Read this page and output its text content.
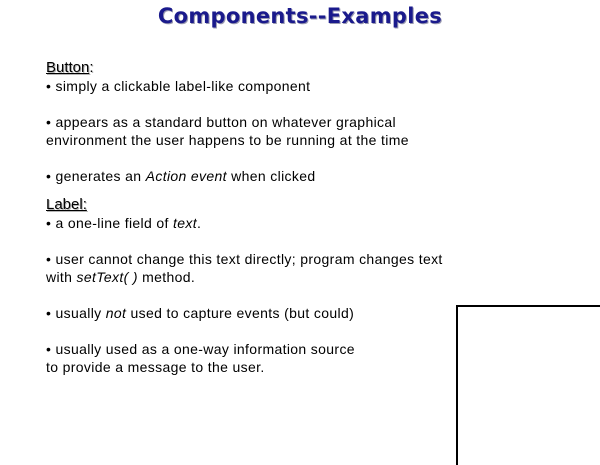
Components--Examples
Button:
• simply a clickable label-like component
• appears as a standard button on whatever graphical
environment the user happens to be running at the time
• generates an Action event when clicked
Label:
• a one-line field of text.
• user cannot change this text directly; program changes text
with setText( ) method.
• usually not used to capture events (but could)
• usually used as a one-way information source
to provide a message to the user.
